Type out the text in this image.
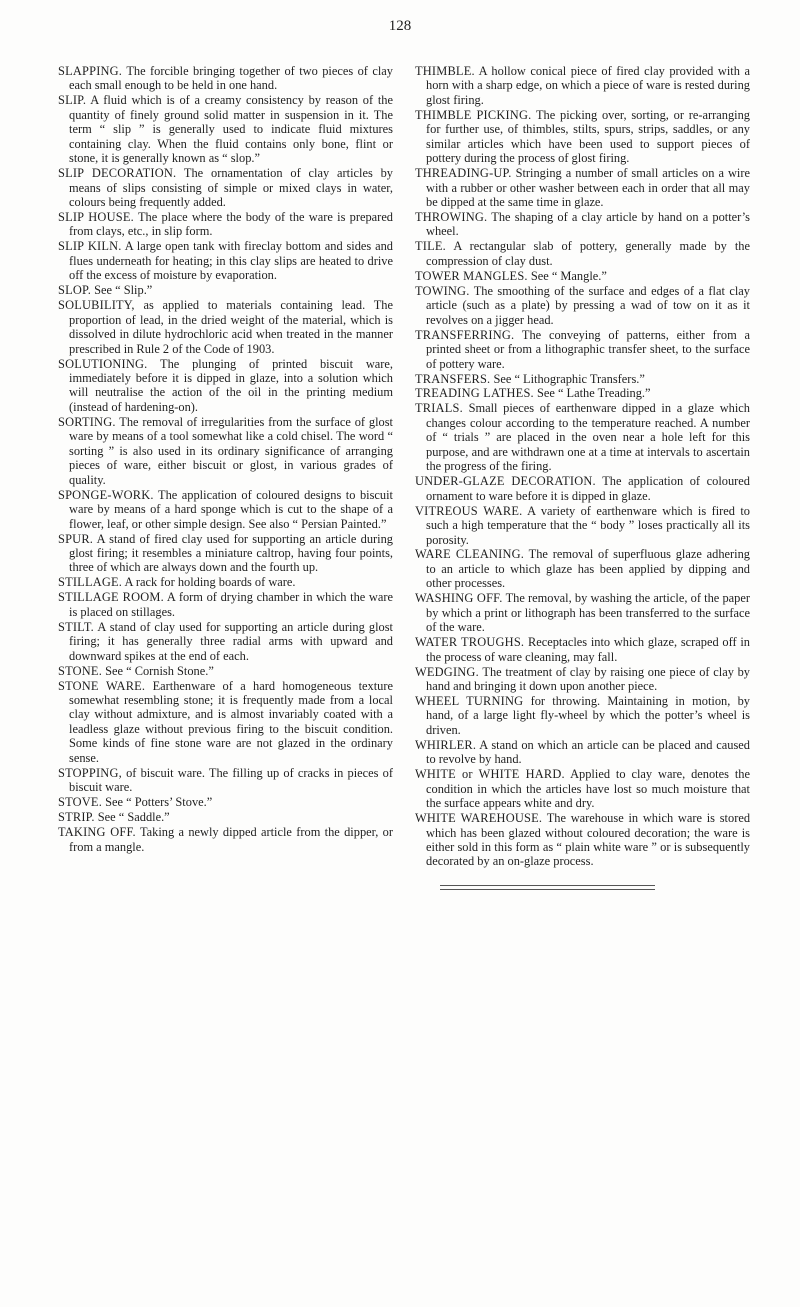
128

SLAPPING. The forcible bringing together of two pieces of clay each small enough to be held in one hand.

SLIP. A fluid which is of a creamy consistency by reason of the quantity of finely ground solid matter in suspension in it. The term “ slip ” is generally used to indicate fluid mixtures containing clay. When the fluid contains only bone, flint or stone, it is generally known as “ slop.”

SLIP DECORATION. The ornamentation of clay articles by means of slips consisting of simple or mixed clays in water, colours being frequently added.

SLIP HOUSE. The place where the body of the ware is prepared from clays, etc., in slip form.

SLIP KILN. A large open tank with fireclay bottom and sides and flues underneath for heating; in this clay slips are heated to drive off the excess of moisture by evaporation.

SLOP. See “ Slip.”

SOLUBILITY, as applied to materials containing lead. The proportion of lead, in the dried weight of the material, which is dissolved in dilute hydrochloric acid when treated in the manner prescribed in Rule 2 of the Code of 1903.

SOLUTIONING. The plunging of printed biscuit ware, immediately before it is dipped in glaze, into a solution which will neutralise the action of the oil in the printing medium (instead of hardening-on).

SORTING. The removal of irregularities from the surface of glost ware by means of a tool somewhat like a cold chisel. The word “ sorting ” is also used in its ordinary significance of arranging pieces of ware, either biscuit or glost, in various grades of quality.

SPONGE-WORK. The application of coloured designs to biscuit ware by means of a hard sponge which is cut to the shape of a flower, leaf, or other simple design. See also “ Persian Painted.”

SPUR. A stand of fired clay used for supporting an article during glost firing; it resembles a miniature caltrop, having four points, three of which are always down and the fourth up.

STILLAGE. A rack for holding boards of ware.

STILLAGE ROOM. A form of drying chamber in which the ware is placed on stillages.

STILT. A stand of clay used for supporting an article during glost firing; it has generally three radial arms with upward and downward spikes at the end of each.

STONE. See “ Cornish Stone.”

STONE WARE. Earthenware of a hard homogeneous texture somewhat resembling stone; it is frequently made from a local clay without admixture, and is almost invariably coated with a leadless glaze without previous firing to the biscuit condition. Some kinds of fine stone ware are not glazed in the ordinary sense.

STOPPING, of biscuit ware. The filling up of cracks in pieces of biscuit ware.

STOVE. See “ Potters’ Stove.”

STRIP. See “ Saddle.”

TAKING OFF. Taking a newly dipped article from the dipper, or from a mangle.

THIMBLE. A hollow conical piece of fired clay provided with a horn with a sharp edge, on which a piece of ware is rested during glost firing.

THIMBLE PICKING. The picking over, sorting, or re-arranging for further use, of thimbles, stilts, spurs, strips, saddles, or any similar articles which have been used to support pieces of pottery during the process of glost firing.

THREADING-UP. Stringing a number of small articles on a wire with a rubber or other washer between each in order that all may be dipped at the same time in glaze.

THROWING. The shaping of a clay article by hand on a potter’s wheel.

TILE. A rectangular slab of pottery, generally made by the compression of clay dust.

TOWER MANGLES. See “ Mangle.”

TOWING. The smoothing of the surface and edges of a flat clay article (such as a plate) by pressing a wad of tow on it as it revolves on a jigger head.

TRANSFERRING. The conveying of patterns, either from a printed sheet or from a lithographic transfer sheet, to the surface of pottery ware.

TRANSFERS. See “ Lithographic Transfers.”

TREADING LATHES. See “ Lathe Treading.”

TRIALS. Small pieces of earthenware dipped in a glaze which changes colour according to the temperature reached. A number of “ trials ” are placed in the oven near a hole left for this purpose, and are withdrawn one at a time at intervals to ascertain the progress of the firing.

UNDER-GLAZE DECORATION. The application of coloured ornament to ware before it is dipped in glaze.

VITREOUS WARE. A variety of earthenware which is fired to such a high temperature that the “ body ” loses practically all its porosity.

WARE CLEANING. The removal of superfluous glaze adhering to an article to which glaze has been applied by dipping and other processes.

WASHING OFF. The removal, by washing the article, of the paper by which a print or lithograph has been transferred to the surface of the ware.

WATER TROUGHS. Receptacles into which glaze, scraped off in the process of ware cleaning, may fall.

WEDGING. The treatment of clay by raising one piece of clay by hand and bringing it down upon another piece.

WHEEL TURNING for throwing. Maintaining in motion, by hand, of a large light fly-wheel by which the potter’s wheel is driven.

WHIRLER. A stand on which an article can be placed and caused to revolve by hand.

WHITE or WHITE HARD. Applied to clay ware, denotes the condition in which the articles have lost so much moisture that the surface appears white and dry.

WHITE WAREHOUSE. The warehouse in which ware is stored which has been glazed without coloured decoration; the ware is either sold in this form as “ plain white ware ” or is subsequently decorated by an on-glaze process.
